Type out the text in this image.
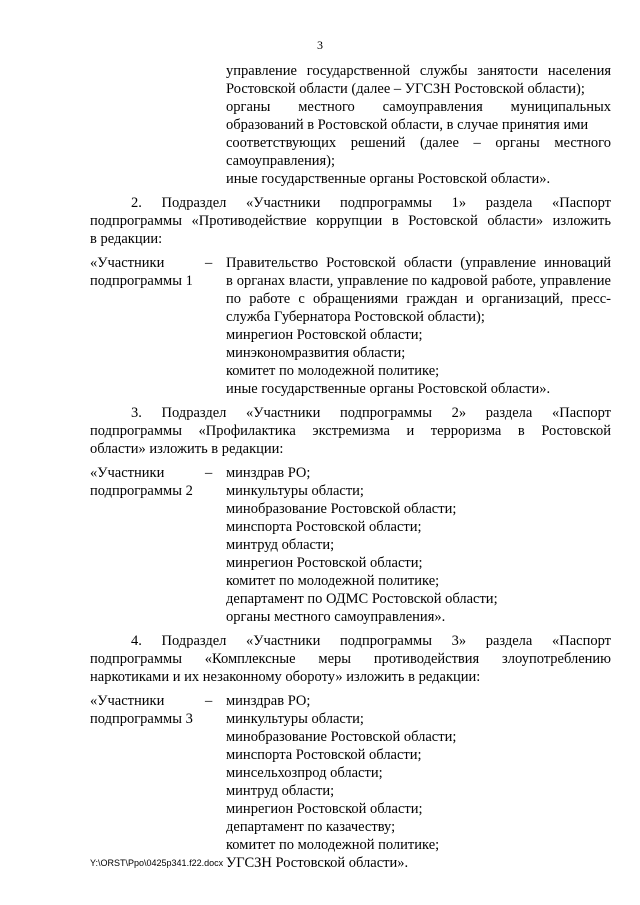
3
управление государственной службы занятости населения
Ростовской области (далее – УГСЗН Ростовской области);
органы местного самоуправления муниципальных
образований в Ростовской области, в случае принятия ими
соответствующих решений (далее – органы местного
самоуправления);
иные государственные органы Ростовской области».
2. Подраздел «Участники подпрограммы 1» раздела «Паспорт
подпрограммы «Противодействие коррупции в Ростовской области» изложить
в редакции:
«Участники
подпрограммы 1
– Правительство Ростовской области (управление инноваций
в органах власти, управление по кадровой работе, управление
по работе с обращениями граждан и организаций, пресс-
служба Губернатора Ростовской области);
минрегион Ростовской области;
минэкономразвития области;
комитет по молодежной политике;
иные государственные органы Ростовской области».
3. Подраздел «Участники подпрограммы 2» раздела «Паспорт
подпрограммы «Профилактика экстремизма и терроризма в Ростовской
области» изложить в редакции:
«Участники
подпрограммы 2
– минздрав РО;
минкультуры области;
минобразование Ростовской области;
минспорта Ростовской области;
минтруд области;
минрегион Ростовской области;
комитет по молодежной политике;
департамент по ОДМС Ростовской области;
органы местного самоуправления».
4. Подраздел «Участники подпрограммы 3» раздела «Паспорт
подпрограммы «Комплексные меры противодействия злоупотреблению
наркотиками и их незаконному обороту» изложить в редакции:
«Участники
подпрограммы 3
– минздрав РО;
минкультуры области;
минобразование Ростовской области;
минспорта Ростовской области;
минсельхозпрод области;
минтруд области;
минрегион Ростовской области;
департамент по казачеству;
комитет по молодежной политике;
УГСЗН Ростовской области».
Y:\ORST\Ppo\0425p341.f22.docx
